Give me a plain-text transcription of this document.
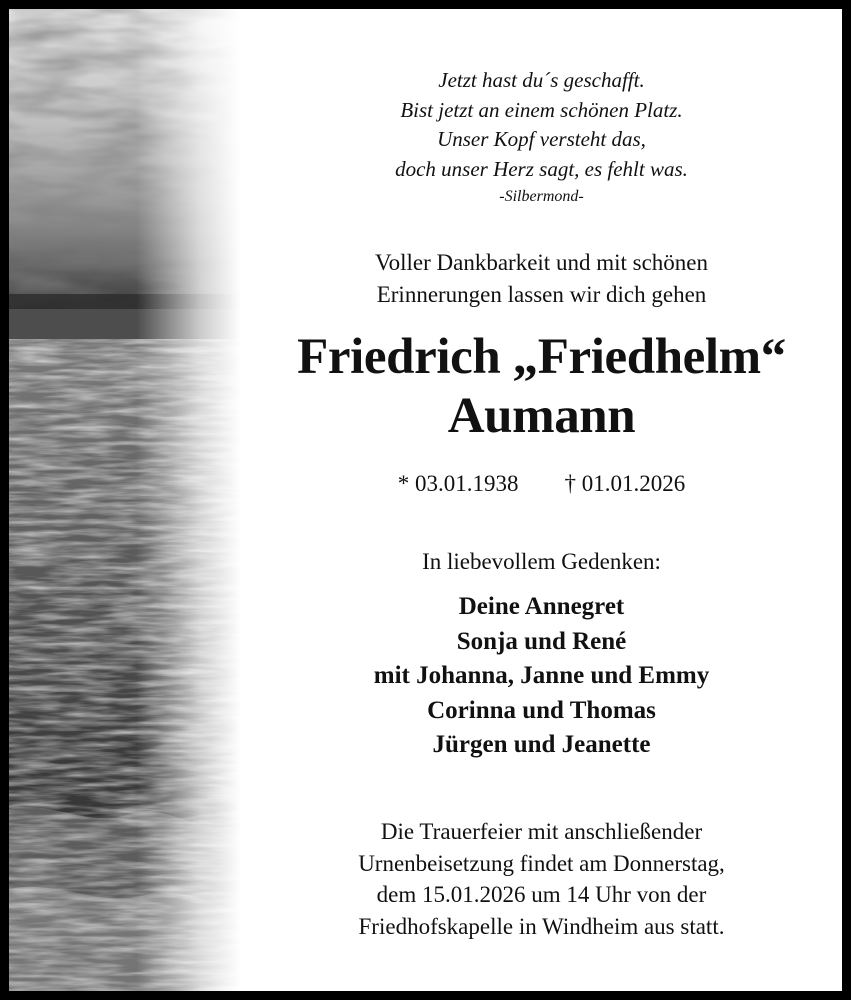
Jetzt hast du´s geschafft.
Bist jetzt an einem schönen Platz.
Unser Kopf versteht das,
doch unser Herz sagt, es fehlt was.
-Silbermond-
Voller Dankbarkeit und mit schönen
Erinnerungen lassen wir dich gehen
Friedrich „Friedhelm“
Aumann
* 03.01.1938 † 01.01.2026
In liebevollem Gedenken:
Deine Annegret
Sonja und René
mit Johanna, Janne und Emmy
Corinna und Thomas
Jürgen und Jeanette
Die Trauerfeier mit anschließender
Urnenbeisetzung findet am Donnerstag,
dem 15.01.2026 um 14 Uhr von der
Friedhofskapelle in Windheim aus statt.
